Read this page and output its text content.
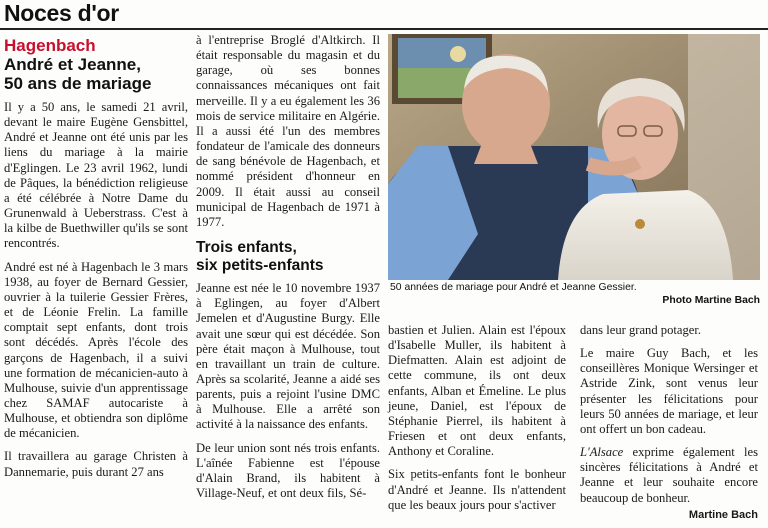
Noces d'or
Hagenbach
André et Jeanne,
50 ans de mariage

Il y a 50 ans, le samedi 21 avril, devant le maire Eugène Gensbittel, André et Jeanne ont été unis par les liens du mariage à la mairie d'Eglingen. Le 23 avril 1962, lundi de Pâques, la bénédiction religieuse a été célébrée à Notre Dame du Grunenwald à Ueberstrass. C'est à la kilbe de Buethwiller qu'ils se sont rencontrés.

André est né à Hagenbach le 3 mars 1938, au foyer de Bernard Gessier, ouvrier à la tuilerie Gessier Frères, et de Léonie Frelin. La famille comptait sept enfants, dont trois sont décédés. Après l'école des garçons de Hagenbach, il a suivi une formation de mécanicien-auto à Mulhouse, suivie d'un apprentissage chez SAMAF autocariste à Mulhouse, et obtiendra son diplôme de mécanicien.

Il travaillera au garage Christen à Dannemarie, puis durant 27 ans

à l'entreprise Broglé d'Altkirch. Il était responsable du magasin et du garage, où ses bonnes connaissances mécaniques ont fait merveille. Il y a eu également les 36 mois de service militaire en Algérie. Il a aussi été l'un des membres fondateur de l'amicale des donneurs de sang bénévole de Hagenbach, et nommé président d'honneur en 2009. Il était aussi au conseil municipal de Hagenbach de 1971 à 1977.

Trois enfants,
six petits-enfants

Jeanne est née le 10 novembre 1937 à Eglingen, au foyer d'Albert Jemelen et d'Augustine Burgy. Elle avait une sœur qui est décédée. Son père était maçon à Mulhouse, tout en travaillant un train de culture. Après sa scolarité, Jeanne a aidé ses parents, puis a rejoint l'usine DMC à Mulhouse. Elle a arrêté son activité à la naissance des enfants.

De leur union sont nés trois enfants. L'aînée Fabienne est l'épouse d'Alain Brand, ils habitent à Village-Neuf, et ont deux fils, Sé-

50 années de mariage pour André et Jeanne Gessier.
Photo Martine Bach

bastien et Julien. Alain est l'époux d'Isabelle Muller, ils habitent à Diefmatten. Alain est adjoint de cette commune, ils ont deux enfants, Alban et Émeline. Le plus jeune, Daniel, est l'époux de Stéphanie Pierrel, ils habitent à Friesen et ont deux enfants, Anthony et Coraline.

Six petits-enfants font le bonheur d'André et Jeanne. Ils n'attendent que les beaux jours pour s'activer

dans leur grand potager.

Le maire Guy Bach, et les conseillères Monique Wersinger et Astride Zink, sont venus leur présenter les félicitations pour leurs 50 années de mariage, et leur ont offert un bon cadeau.

L'Alsace exprime également les sincères félicitations à André et Jeanne et leur souhaite encore beaucoup de bonheur.

Martine Bach
